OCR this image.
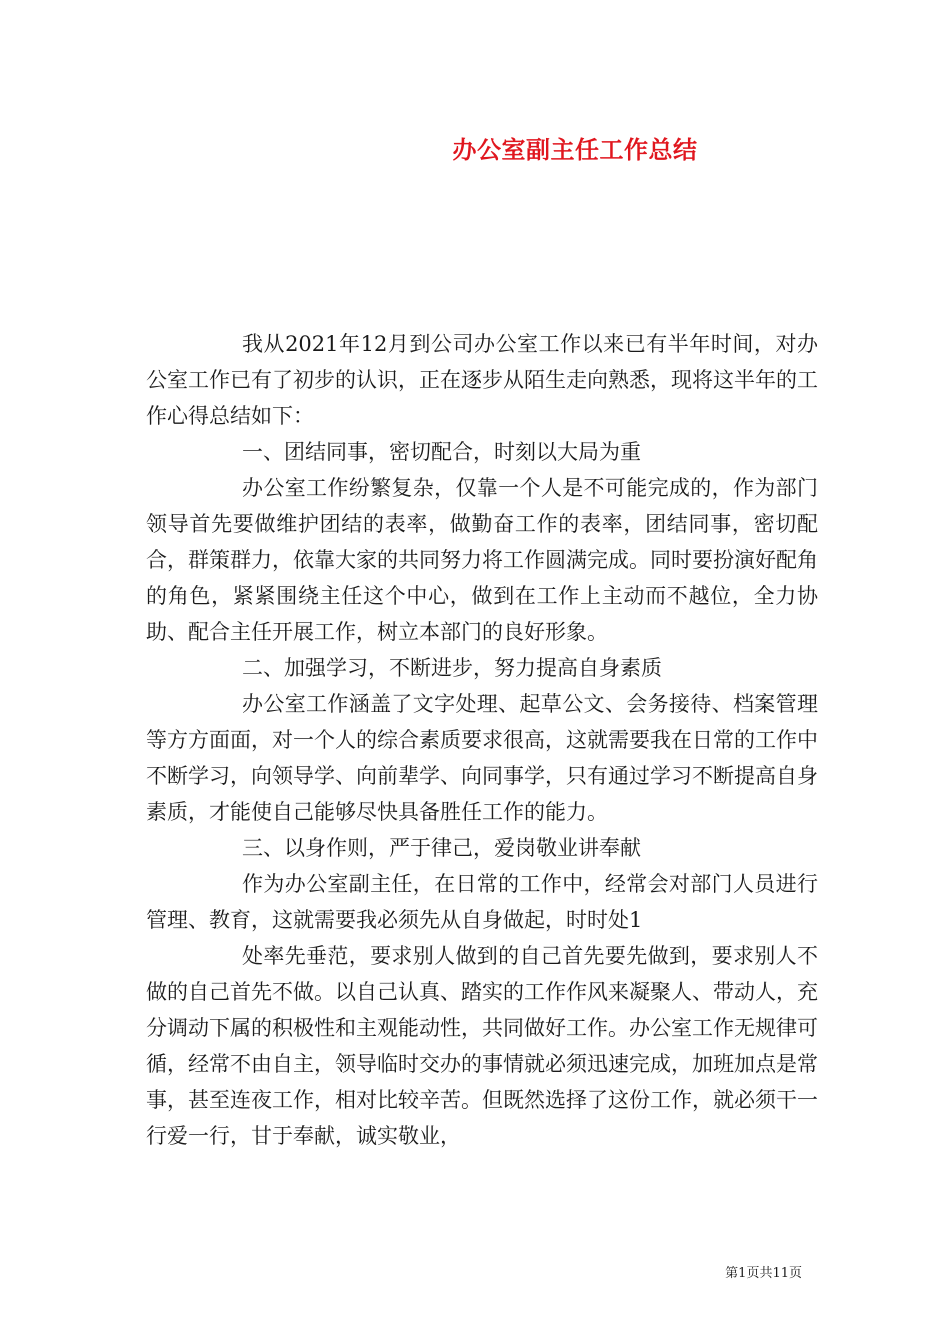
办公室副主任工作总结

我从2021年12月到公司办公室工作以来已有半年时间，对办公室工作已有了初步的认识，正在逐步从陌生走向熟悉，现将这半年的工作心得总结如下：

一、团结同事，密切配合，时刻以大局为重

办公室工作纷繁复杂，仅靠一个人是不可能完成的，作为部门领导首先要做维护团结的表率，做勤奋工作的表率，团结同事，密切配合，群策群力，依靠大家的共同努力将工作圆满完成。同时要扮演好配角的角色，紧紧围绕主任这个中心，做到在工作上主动而不越位，全力协助、配合主任开展工作，树立本部门的良好形象。

二、加强学习，不断进步，努力提高自身素质

办公室工作涵盖了文字处理、起草公文、会务接待、档案管理等方方面面，对一个人的综合素质要求很高，这就需要我在日常的工作中不断学习，向领导学、向前辈学、向同事学，只有通过学习不断提高自身素质，才能使自己能够尽快具备胜任工作的能力。

三、以身作则，严于律己，爱岗敬业讲奉献

作为办公室副主任，在日常的工作中，经常会对部门人员进行管理、教育，这就需要我必须先从自身做起，时时处1

处率先垂范，要求别人做到的自己首先要先做到，要求别人不做的自己首先不做。以自己认真、踏实的工作作风来凝聚人、带动人，充分调动下属的积极性和主观能动性，共同做好工作。办公室工作无规律可循，经常不由自主，领导临时交办的事情就必须迅速完成，加班加点是常事，甚至连夜工作，相对比较辛苦。但既然选择了这份工作，就必须干一行爱一行，甘于奉献，诚实敬业，

第1页共11页
